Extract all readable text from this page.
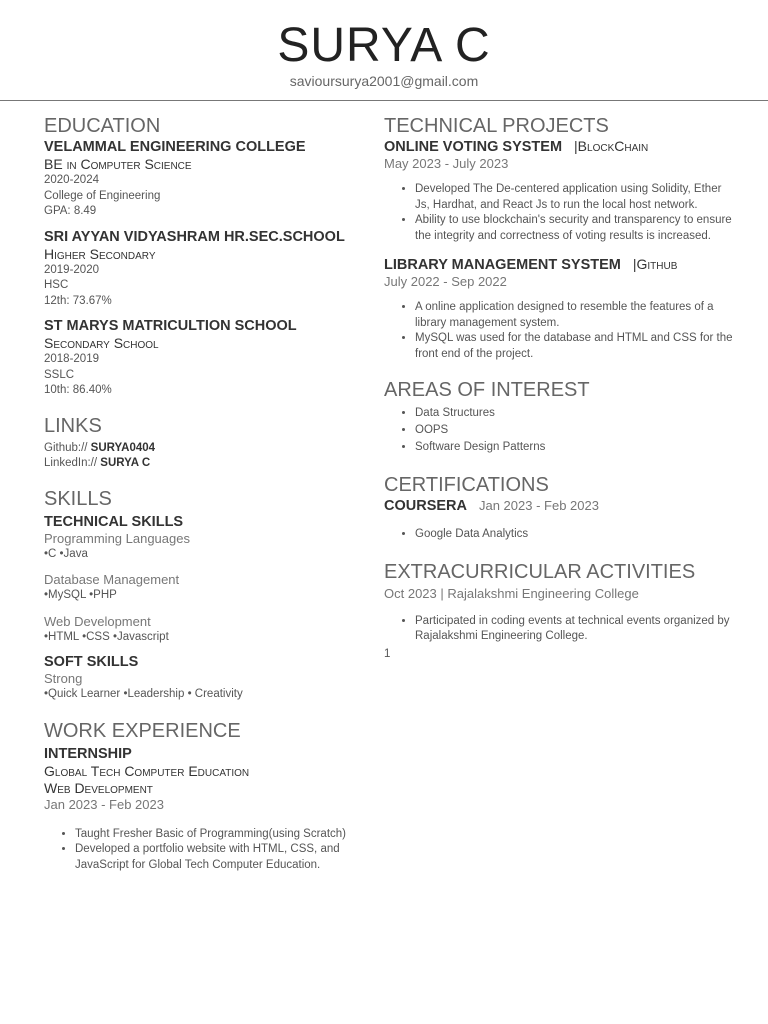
SURYA C
savioursurya2001@gmail.com
EDUCATION
VELAMMAL ENGINEERING COLLEGE
BE in Computer Science
2020-2024
College of Engineering
GPA: 8.49
SRI AYYAN VIDYASHRAM HR.SEC.SCHOOL
Higher Secondary
2019-2020
HSC
12th: 73.67%
ST MARYS MATRICULTION SCHOOL
Secondary School
2018-2019
SSLC
10th: 86.40%
LINKS
Github:// SURYA0404
LinkedIn:// SURYA C
SKILLS
TECHNICAL SKILLS
Programming Languages
•C •Java
Database Management
•MySQL •PHP
Web Development
•HTML •CSS •Javascript
SOFT SKILLS
Strong
•Quick Learner •Leadership • Creativity
WORK EXPERIENCE
INTERNSHIP
Global Tech Computer Education
Web Development
Jan 2023 - Feb 2023
• Taught Fresher Basic of Programming(using Scratch)
• Developed a portfolio website with HTML, CSS, and JavaScript for Global Tech Computer Education.
TECHNICAL PROJECTS
ONLINE VOTING SYSTEM |BlockChain
May 2023 - July 2023
• Developed The De-centered application using Solidity, Ether Js, Hardhat, and React Js to run the local host network.
• Ability to use blockchain's security and transparency to ensure the integrity and correctness of voting results is increased.
LIBRARY MANAGEMENT SYSTEM |Github
July 2022 - Sep 2022
• A online application designed to resemble the features of a library management system.
• MySQL was used for the database and HTML and CSS for the front end of the project.
AREAS OF INTEREST
• Data Structures
• OOPS
• Software Design Patterns
CERTIFICATIONS
COURSERA Jan 2023 - Feb 2023
• Google Data Analytics
EXTRACURRICULAR ACTIVITIES
Oct 2023 | Rajalakshmi Engineering College
• Participated in coding events at technical events organized by Rajalakshmi Engineering College.
1
